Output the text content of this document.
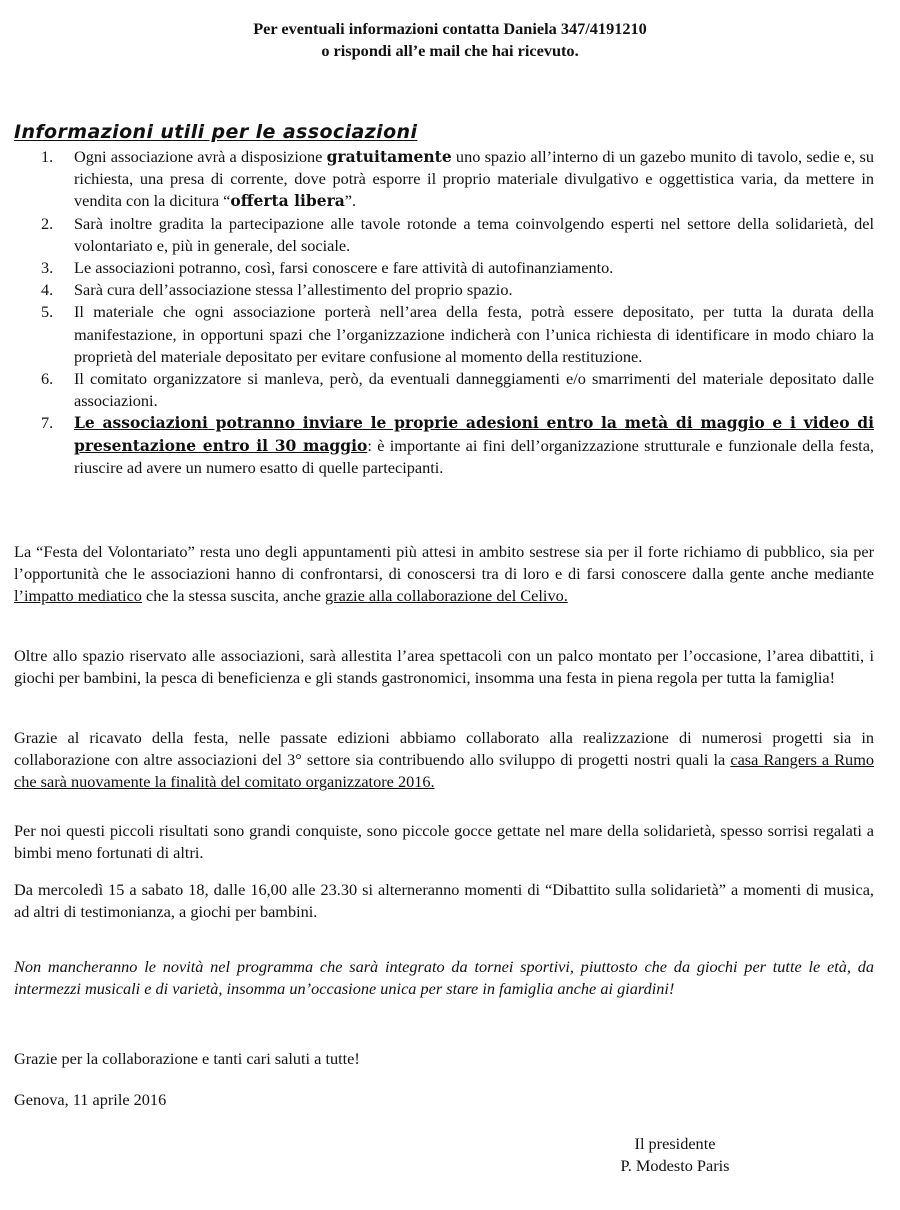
Per eventuali informazioni contatta Daniela 347/4191210
o rispondi all’e mail che hai ricevuto.
Informazioni utili per le associazioni
1. Ogni associazione avrà a disposizione gratuitamente uno spazio all’interno di un gazebo munito di tavolo, sedie e, su richiesta, una presa di corrente, dove potrà esporre il proprio materiale divulgativo e oggettistica varia, da mettere in vendita con la dicitura “offerta libera”.
2. Sarà inoltre gradita la partecipazione alle tavole rotonde a tema coinvolgendo esperti nel settore della solidarietà, del volontariato e, più in generale, del sociale.
3. Le associazioni potranno, così, farsi conoscere e fare attività di autofinanziamento.
4. Sarà cura dell’associazione stessa l’allestimento del proprio spazio.
5. Il materiale che ogni associazione porterà nell’area della festa, potrà essere depositato, per tutta la durata della manifestazione, in opportuni spazi che l’organizzazione indicherà con l’unica richiesta di identificare in modo chiaro la proprietà del materiale depositato per evitare confusione al momento della restituzione.
6. Il comitato organizzatore si manleva, però, da eventuali danneggiamenti e/o smarrimenti del materiale depositato dalle associazioni.
7. Le associazioni potranno inviare le proprie adesioni entro la metà di maggio e i video di presentazione entro il 30 maggio: è importante ai fini dell’organizzazione strutturale e funzionale della festa, riuscire ad avere un numero esatto di quelle partecipanti.

La “Festa del Volontariato” resta uno degli appuntamenti più attesi in ambito sestrese sia per il forte richiamo di pubblico, sia per l’opportunità che le associazioni hanno di confrontarsi, di conoscersi tra di loro e di farsi conoscere dalla gente anche mediante l’impatto mediatico che la stessa suscita, anche grazie alla collaborazione del Celivo.

Oltre allo spazio riservato alle associazioni, sarà allestita l’area spettacoli con un palco montato per l’occasione, l’area dibattiti, i giochi per bambini, la pesca di beneficienza e gli stands gastronomici, insomma una festa in piena regola per tutta la famiglia!

Grazie al ricavato della festa, nelle passate edizioni abbiamo collaborato alla realizzazione di numerosi progetti sia in collaborazione con altre associazioni del 3° settore sia contribuendo allo sviluppo di progetti nostri quali la casa Rangers a Rumo che sarà nuovamente la finalità del comitato organizzatore 2016.

Per noi questi piccoli risultati sono grandi conquiste, sono piccole gocce gettate nel mare della solidarietà, spesso sorrisi regalati a bimbi meno fortunati di altri.

Da mercoledì 15 a sabato 18, dalle 16,00 alle 23.30 si alterneranno momenti di “Dibattito sulla solidarietà” a momenti di musica, ad altri di testimonianza, a giochi per bambini.

Non mancheranno le novità nel programma che sarà integrato da tornei sportivi, piuttosto che da giochi per tutte le età, da intermezzi musicali e di varietà, insomma un’occasione unica per stare in famiglia anche ai giardini!

Grazie per la collaborazione e tanti cari saluti a tutte!

Genova, 11 aprile 2016

Il presidente
P. Modesto Paris
